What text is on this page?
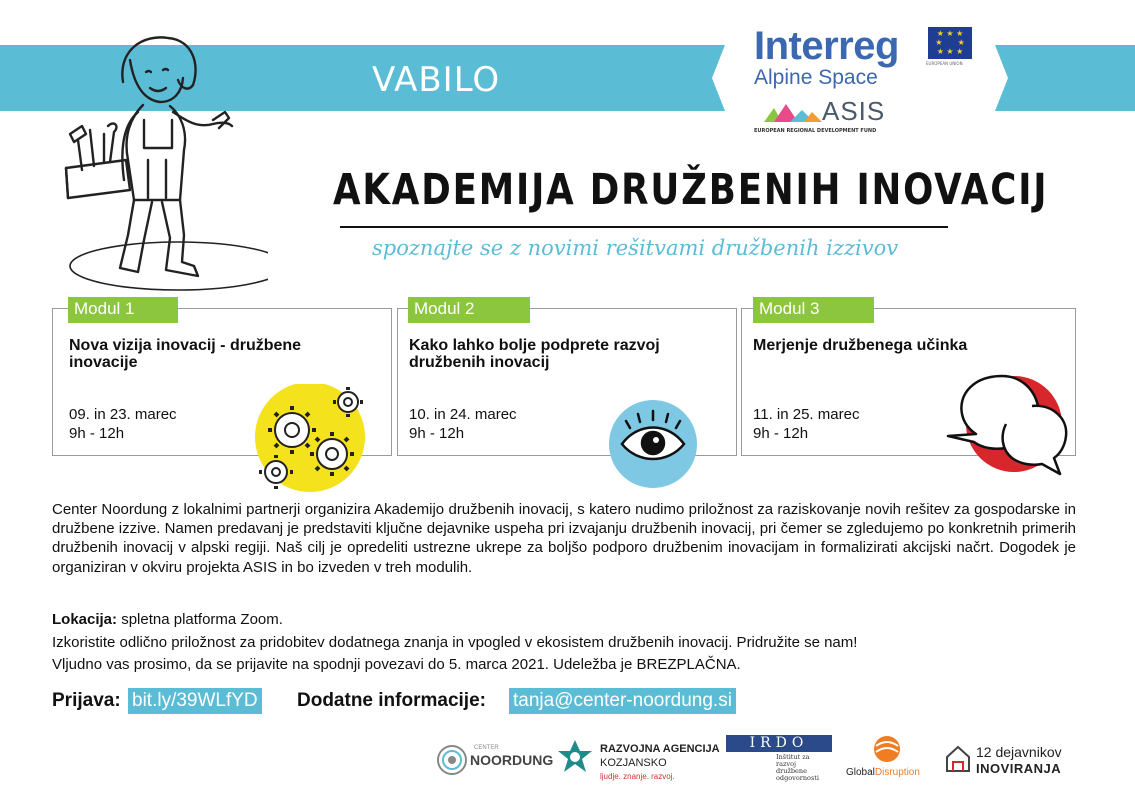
VABILO
Interreg	★ ★ ★
★      ★
★ ★ ★
EUROPEAN UNION
Alpine Space
ASIS
EUROPEAN REGIONAL DEVELOPMENT FUND
AKADEMIJA DRUŽBENIH INOVACIJ
spoznajte se z novimi rešitvami družbenih izzivov
Modul 1
Nova vizija inovacij - družbene inovacije
09. in 23. marec
9h - 12h
Modul 2
Kako lahko bolje podprete razvoj družbenih inovacij
10. in 24. marec
9h - 12h
Modul 3
Merjenje družbenega učinka
11. in 25. marec
9h - 12h
Center Noordung z lokalnimi partnerji organizira Akademijo družbenih inovacij, s katero nudimo priložnost za raziskovanje novih rešitev za gospodarske in družbene izzive. Namen predavanj je predstaviti ključne dejavnike uspeha pri izvajanju družbenih inovacij, pri čemer se zgledujemo po konkretnih primerih družbenih inovacij v alpski regiji. Naš cilj je opredeliti ustrezne ukrepe za boljšo podporo družbenim inovacijam in formalizirati akcijski načrt. Dogodek je organiziran v okviru projekta ASIS in bo izveden v treh modulih.
Lokacija: spletna platforma Zoom.
Izkoristite odlično priložnost za pridobitev dodatnega znanja in vpogled v ekosistem družbenih inovacij. Pridružite se nam!
Vljudno vas prosimo, da se prijavite na spodnji povezavi do 5. marca 2021. Udeležba je BREZPLAČNA.
Prijava: bit.ly/39WLfYD Dodatne informacije: tanja@center-noordung.si
CENTER
NOORDUNG
RAZVOJNA AGENCIJA
KOZJANSKO
ljudje. znanje. razvoj.
IRDO
Inštitut za razvoj družbene odgovornosti	GlobalDisruption
12 dejavnikov
INOVIRANJA
